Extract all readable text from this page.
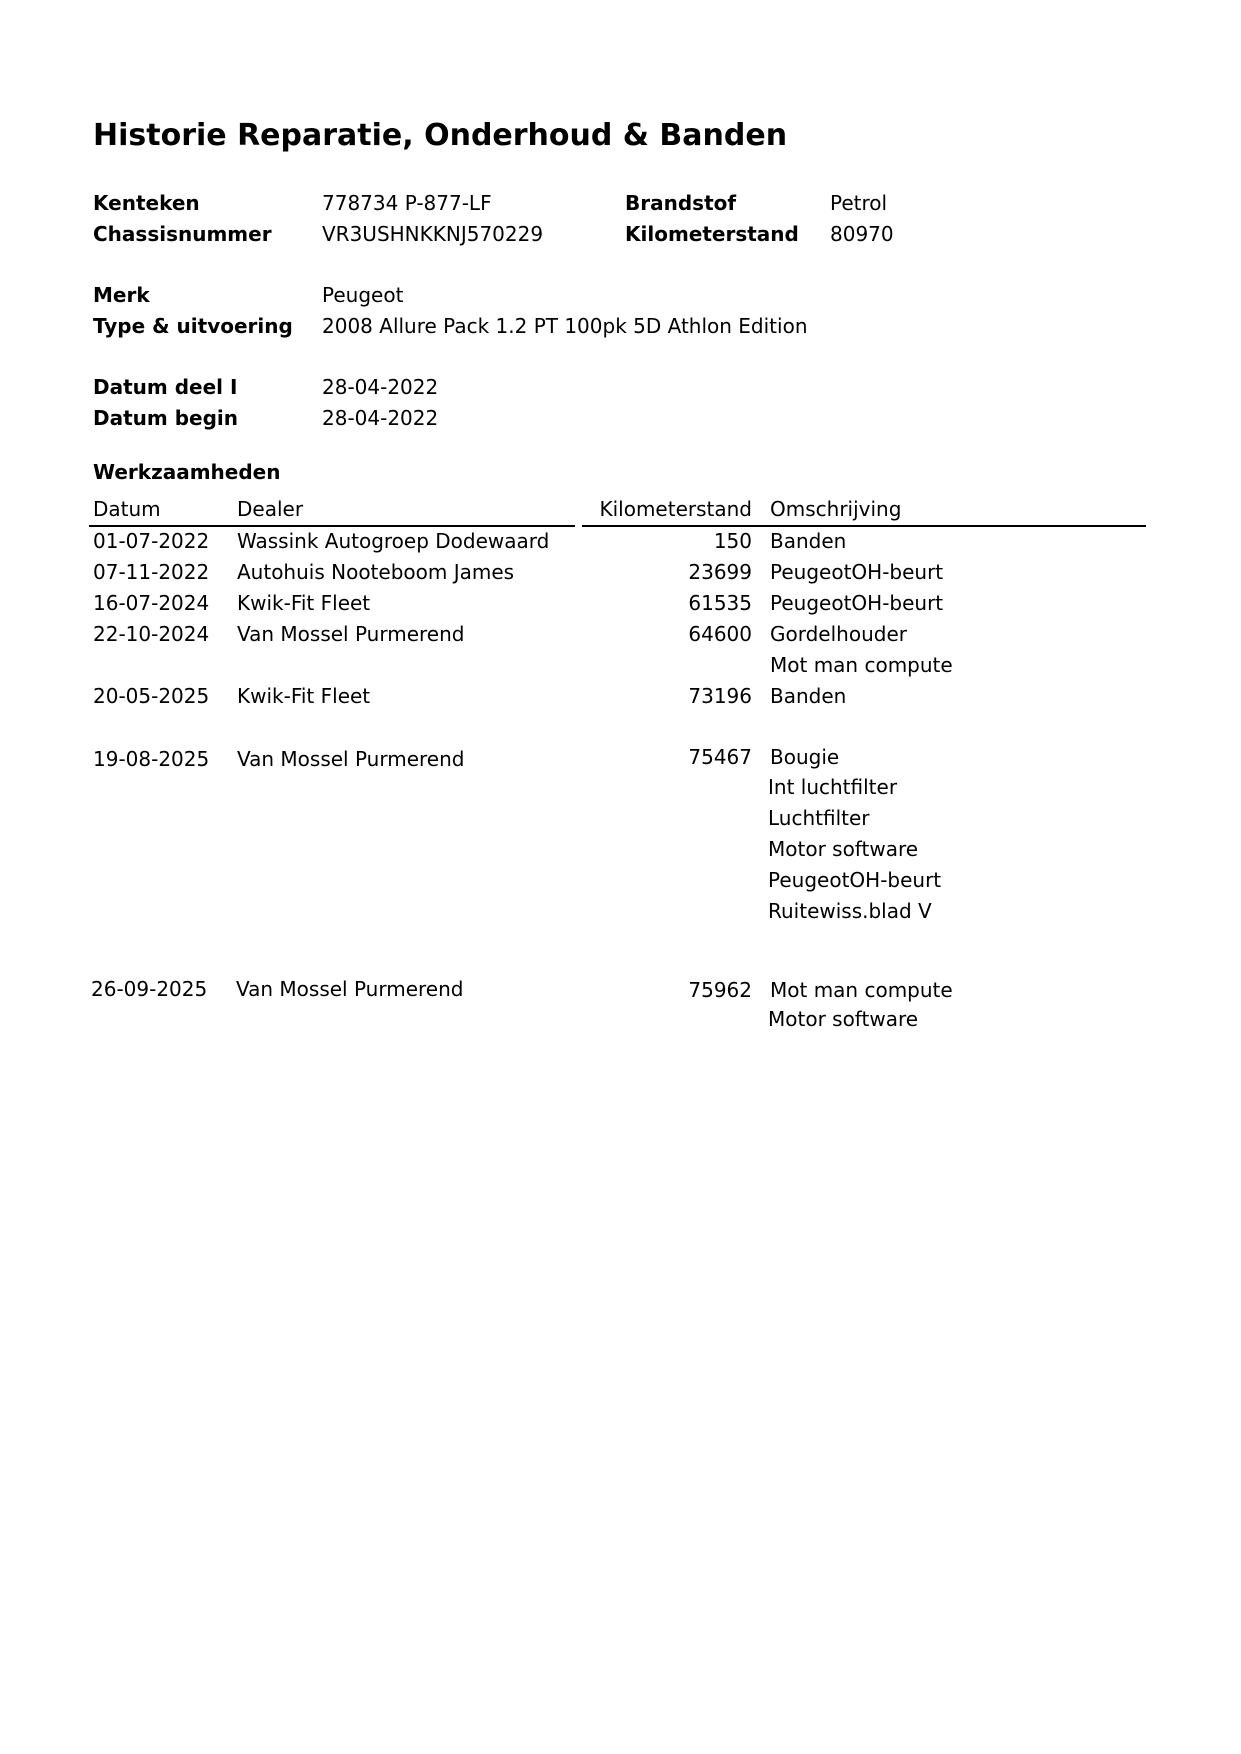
Historie Reparatie, Onderhoud & Banden
Kenteken	778734 P-877-LF	Brandstof	Petrol
Chassisnummer	VR3USHNKKNJ570229	Kilometerstand 80970
Merk	Peugeot
Type & uitvoering 2008 Allure Pack 1.2 PT 100pk 5D Athlon Edition
Datum deel I	28-04-2022
Datum begin	28-04-2022
Werkzaamheden
Datum	Dealer	Kilometerstand Omschrijving
01-07-2022 Wassink Autogroep Dodewaard	150 Banden
07-11-2022 Autohuis Nooteboom James	23699 PeugeotOH-beurt
16-07-2024 Kwik-Fit Fleet	61535 PeugeotOH-beurt
22-10-2024 Van Mossel Purmerend	64600 Gordelhouder
Mot man compute
20-05-2025 Kwik-Fit Fleet	73196 Banden
19-08-2025 Van Mossel Purmerend	75467 Bougie
Int luchtfilter
Luchtfilter
Motor software
PeugeotOH-beurt
Ruitewiss.blad V
26-09-2025 Van Mossel Purmerend	75962 Mot man compute
Motor software
